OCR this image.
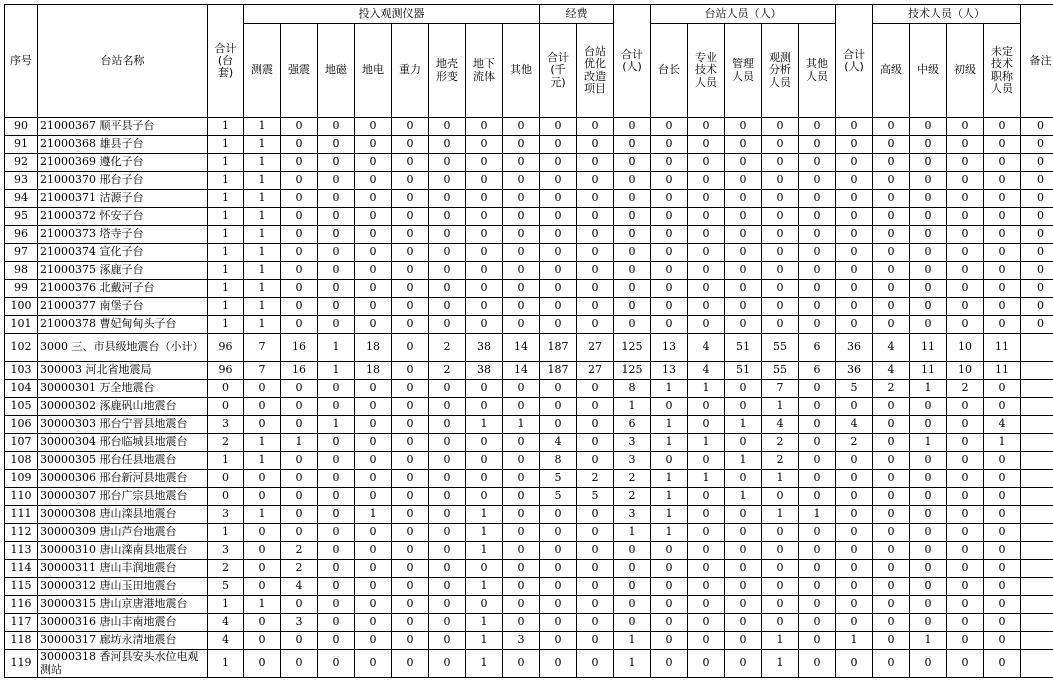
序号	台站名称	合计(台套)	投入观测仪器								经费		合计(人)	台站人员（人）					合计(人)	技术人员（人）				备注	
			测震	强震	地磁	地电	重力	地壳形变	地下流体	其他	合计(千元)	台站优化改造项目		台长	专业技术人员	管理人员	观测分析人员	其他人员		高级	中级	初级	未定技术职称人员		
90	21000367 顺平县子台	1	1	0	0	0	0	0	0	0	0	0	0	0	0	0	0	0	0	0	0	0	0	0	
91	21000368 雄县子台	1	1	0	0	0	0	0	0	0	0	0	0	0	0	0	0	0	0	0	0	0	0	0	
92	21000369 遵化子台	1	1	0	0	0	0	0	0	0	0	0	0	0	0	0	0	0	0	0	0	0	0	0	
93	21000370 邢台子台	1	1	0	0	0	0	0	0	0	0	0	0	0	0	0	0	0	0	0	0	0	0	0	
94	21000371 沽源子台	1	1	0	0	0	0	0	0	0	0	0	0	0	0	0	0	0	0	0	0	0	0	0	
95	21000372 怀安子台	1	1	0	0	0	0	0	0	0	0	0	0	0	0	0	0	0	0	0	0	0	0	0	
96	21000373 塔寺子台	1	1	0	0	0	0	0	0	0	0	0	0	0	0	0	0	0	0	0	0	0	0	0	
97	21000374 宣化子台	1	1	0	0	0	0	0	0	0	0	0	0	0	0	0	0	0	0	0	0	0	0	0	
98	21000375 涿鹿子台	1	1	0	0	0	0	0	0	0	0	0	0	0	0	0	0	0	0	0	0	0	0	0	
99	21000376 北戴河子台	1	1	0	0	0	0	0	0	0	0	0	0	0	0	0	0	0	0	0	0	0	0	0	
100	21000377 南堡子台	1	1	0	0	0	0	0	0	0	0	0	0	0	0	0	0	0	0	0	0	0	0	0	
101	21000378 曹妃甸甸头子台	1	1	0	0	0	0	0	0	0	0	0	0	0	0	0	0	0	0	0	0	0	0	0	
102	3000 三、市县级地震台（小计）	96	7	16	1	18	0	2	38	14	187	27	125	13	4	51	55	6	36	4	11	10	11		
103	300003 河北省地震局	96	7	16	1	18	0	2	38	14	187	27	125	13	4	51	55	6	36	4	11	10	11		
104	30000301 万全地震台	0	0	0	0	0	0	0	0	0	0	0	8	1	1	0	7	0	5	2	1	2	0		
105	30000302 涿鹿矾山地震台	0	0	0	0	0	0	0	0	0	0	0	1	0	0	0	1	0	0	0	0	0	0		
106	30000303 邢台宁晋县地震台	3	0	0	1	0	0	0	1	1	0	0	6	1	0	1	4	0	4	0	0	0	4		
107	30000304 邢台临城县地震台	2	1	1	0	0	0	0	0	0	4	0	3	1	1	0	2	0	2	0	1	0	1		
108	30000305 邢台任县地震台	1	1	0	0	0	0	0	0	0	8	0	3	0	0	1	2	0	0	0	0	0	0		
109	30000306 邢台新河县地震台	0	0	0	0	0	0	0	0	0	5	2	2	1	1	0	1	0	0	0	0	0	0		
110	30000307 邢台广宗县地震台	0	0	0	0	0	0	0	0	0	5	5	2	1	0	1	0	0	0	0	0	0	0		
111	30000308 唐山滦县地震台	3	1	0	0	1	0	0	1	0	0	0	3	1	0	0	1	1	0	0	0	0	0		
112	30000309 唐山芦台地震台	1	0	0	0	0	0	0	1	0	0	0	1	1	0	0	0	0	0	0	0	0	0		
113	30000310 唐山滦南县地震台	3	0	2	0	0	0	0	1	0	0	0	0	0	0	0	0	0	0	0	0	0	0		
114	30000311 唐山丰润地震台	2	0	2	0	0	0	0	0	0	0	0	0	0	0	0	0	0	0	0	0	0	0		
115	30000312 唐山玉田地震台	5	0	4	0	0	0	0	1	0	0	0	0	0	0	0	0	0	0	0	0	0	0		
116	30000315 唐山京唐港地震台	1	1	0	0	0	0	0	0	0	0	0	0	0	0	0	0	0	0	0	0	0	0		
117	30000316 唐山丰南地震台	4	0	3	0	0	0	0	1	0	0	0	0	0	0	0	0	0	0	0	0	0	0		
118	30000317 廊坊永清地震台	4	0	0	0	0	0	0	1	3	0	0	1	0	0	0	1	0	1	0	1	0	0		
119	30000318 香河县安头水位电观测站	1	0	0	0	0	0	0	1	0	0	0	1	0	0	0	1	0	0	0	0	0	0		
